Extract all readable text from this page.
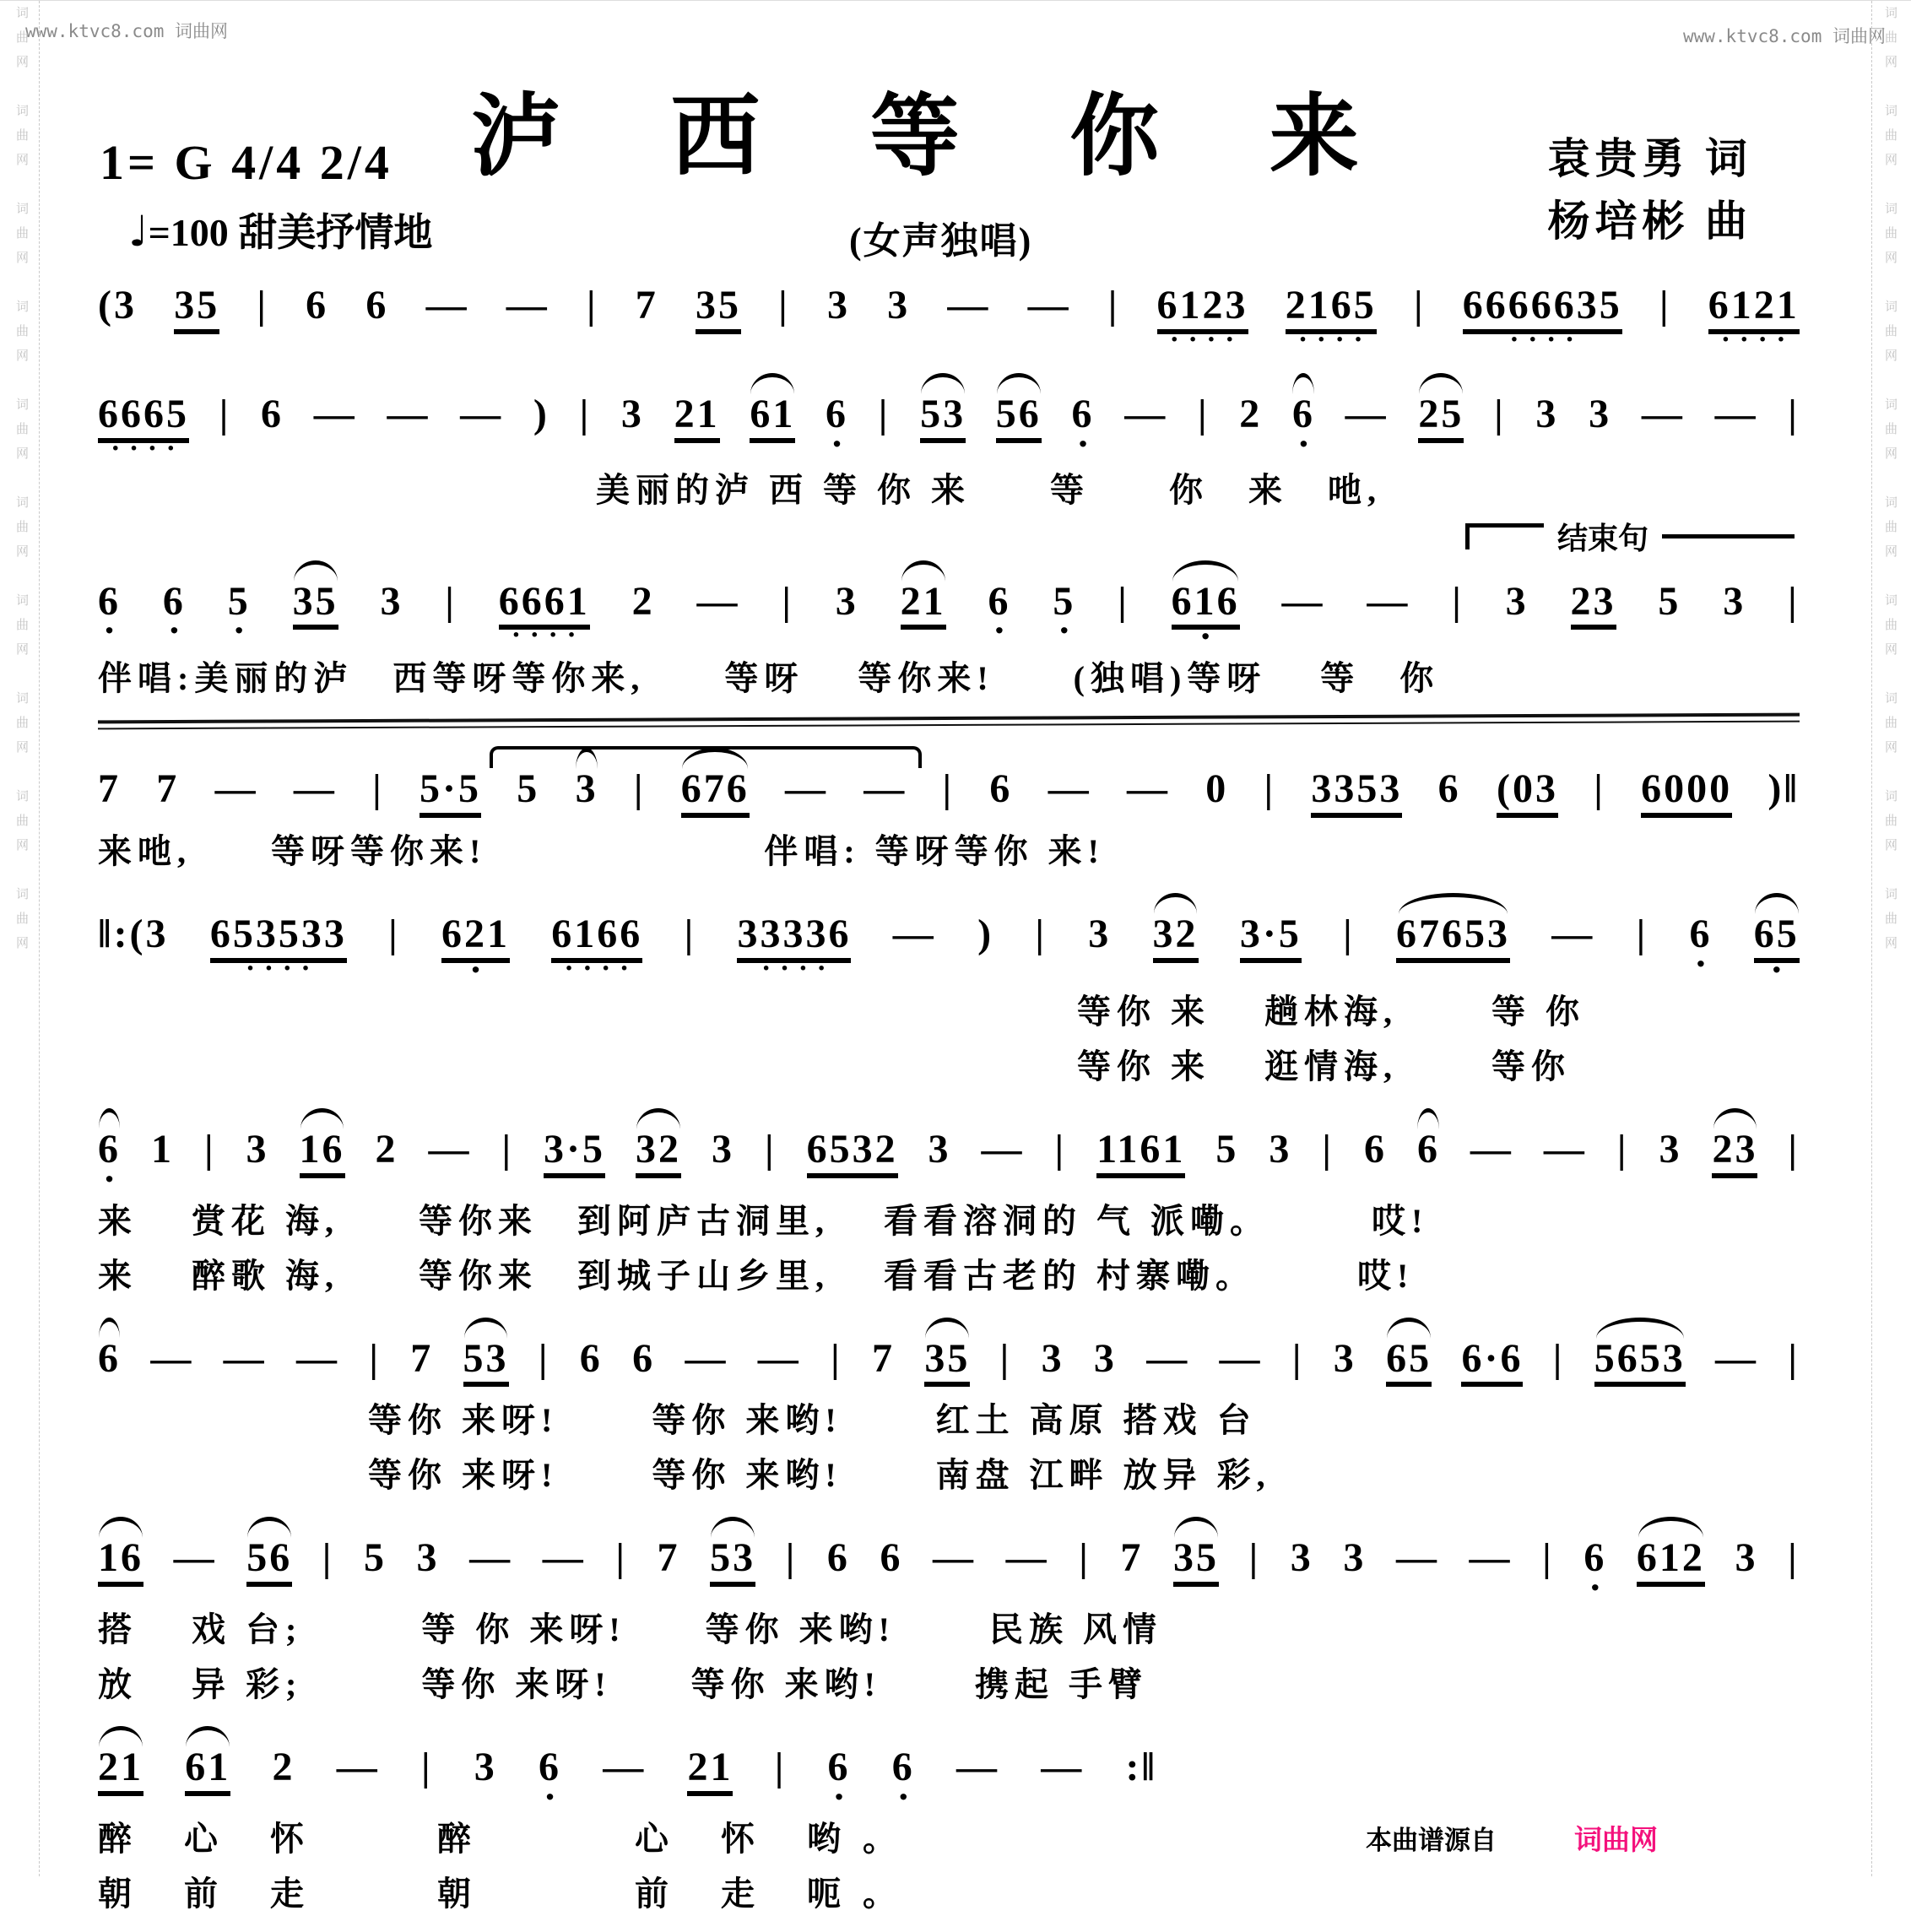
www.ktvc8.com 词曲网	www.ktvc8.com 词曲网
词曲网　词曲网　词曲网　词曲网　词曲网　词曲网　词曲网　词曲网　词曲网　词曲网　	词曲网　词曲网　词曲网　词曲网　词曲网　词曲网　词曲网　词曲网　词曲网　词曲网　
1= G 4/4 2/4
♩=100 甜美抒情地
泸 西 等 你 来
(女声独唱)
袁贵勇 词
杨培彬 曲
(3 35 | 6 6 — — | 7 35 | 3 3 — — | 6123 · · · · 2165 · · · · | 6666635 · · · · | 6121 · · · ·
6665 · · · · | 6 — — — ) | 3 21 61 6 · | 53 56 6 · — | 2 6 · — 25 | 3 3 — — |
美丽的泸 西 等 你 来　　等　　你　来　吔,
结束句
6 · 6 · 5 · 35 3 | 6661 · · · · 2 — | 3 21 6 · 5 · | 616 · — — | 3 23 5 3 |
伴唱:美丽的泸　西等呀等你来,　　等呀　 等你来!　　(独唱)等呀　 等　你
7 7 — — | 5·5 5 3 | 676 — — | 6 — — 0 | 3353 6 (03 | 6000 )‖
来吔,　　等呀等你来!　　　　　　　伴唱: 等呀等你 来!
‖:(3 653533 · · · · | 621 · 6166 · · · · | 33336 · · · · — ) | 3 32 3·5 | 67653 — | 6 · 65 ·
等你 来　 趟林海,　　 等 你
等你 来　 逛情海,　　 等你
6 · 1 | 3 16 2 — | 3·5 32 3 | 6532 3 — | 1161 5 3 | 6 6 — — | 3 23 |
来　 赏花 海,　　等你来　到阿庐古洞里,　 看看溶洞的 气 派嘞。　　　哎!
来　 醉歌 海,　　等你来　到城子山乡里,　 看看古老的 村寨嘞。　　　哎!
6 — — — | 7 53 | 6 6 — — | 7 35 | 3 3 — — | 3 65 6·6 | 5653 — |
等你 来呀!　　 等你 来哟!　　 红土 高原 搭戏 台
等你 来呀!　　 等你 来哟!　　 南盘 江畔 放异 彩,
16 — 56 | 5 3 — — | 7 53 | 6 6 — — | 7 35 | 3 3 — — | 6 · 612 3 |
搭　 戏 台;　　　等 你 来呀!　　等你 来哟!　　 民族 风情
放　 异 彩;　　　等你 来呀!　　等你 来哟!　　 携起 手臂
21 61 2 — | 3 6 · — 21 | 6 · 6 · — — :‖
醉 心 怀　　醉　　 心 怀 哟。
朝 前 走　　朝　　 前 走 呃。
本曲谱源自	词曲网
